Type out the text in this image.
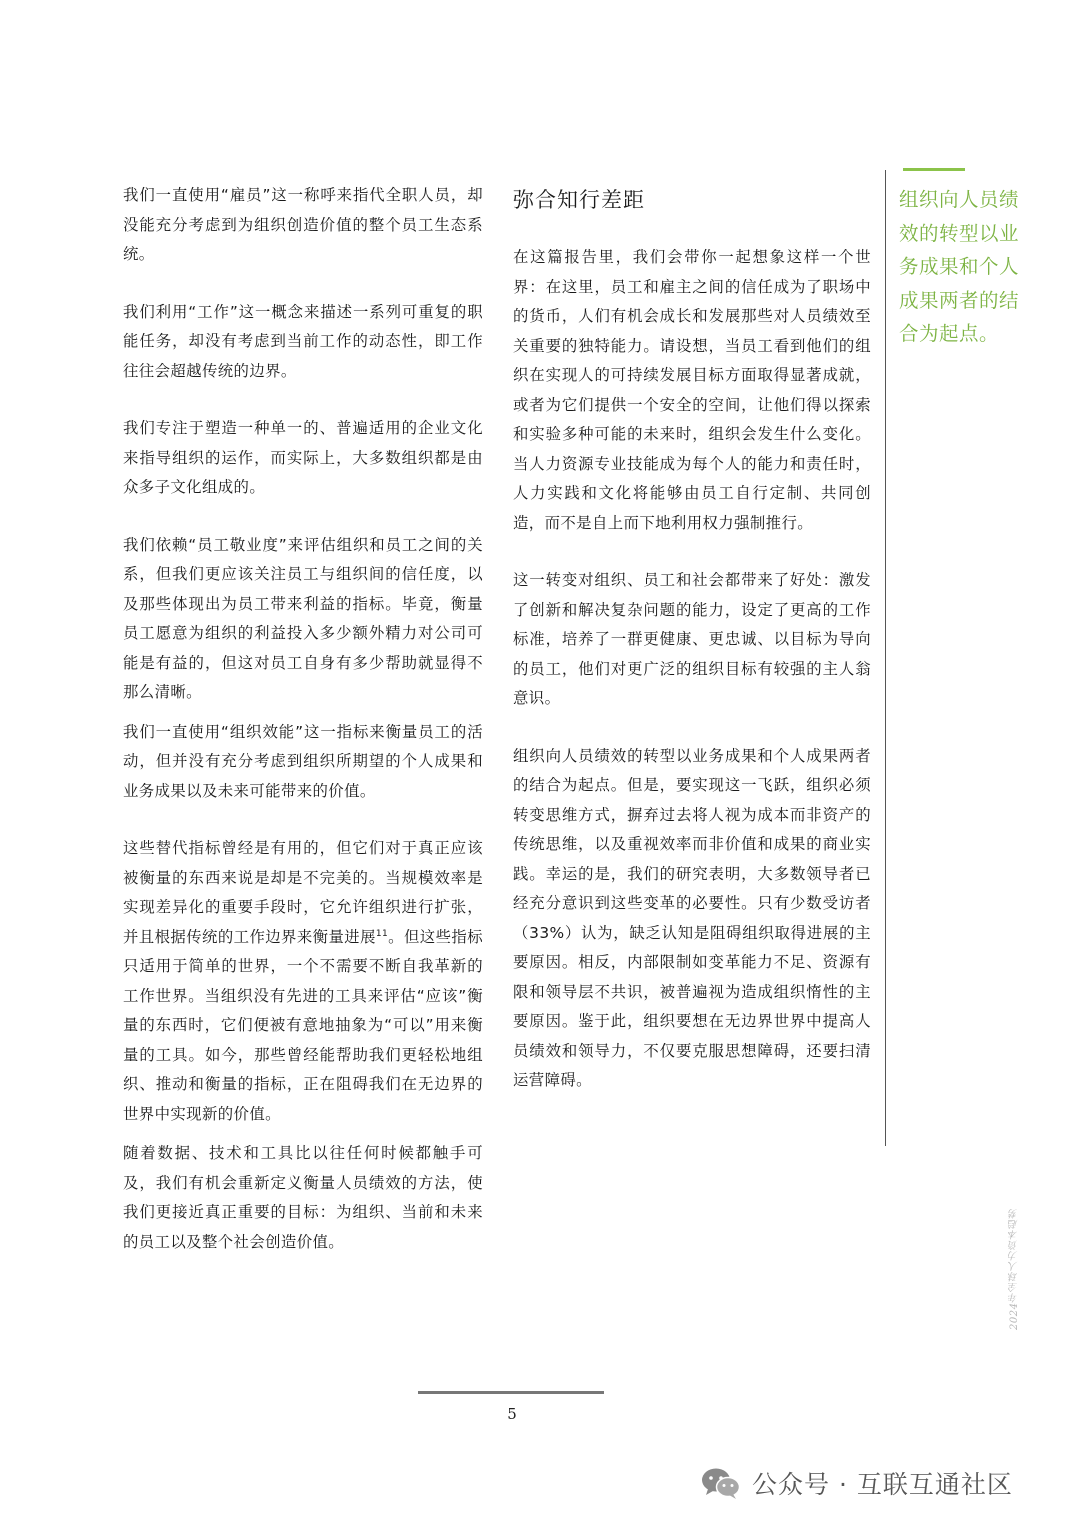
我们一直使用“雇员”这一称呼来指代全职人员，却没能充分考虑到为组织创造价值的整个员工生态系统。

我们利用“工作”这一概念来描述一系列可重复的职能任务，却没有考虑到当前工作的动态性，即工作往往会超越传统的边界。

我们专注于塑造一种单一的、普遍适用的企业文化来指导组织的运作，而实际上，大多数组织都是由众多子文化组成的。

我们依赖“员工敬业度”来评估组织和员工之间的关系，但我们更应该关注员工与组织间的信任度，以及那些体现出为员工带来利益的指标。毕竟，衡量员工愿意为组织的利益投入多少额外精力对公司可能是有益的，但这对员工自身有多少帮助就显得不那么清晰。

我们一直使用“组织效能”这一指标来衡量员工的活动，但并没有充分考虑到组织所期望的个人成果和业务成果以及未来可能带来的价值。

这些替代指标曾经是有用的，但它们对于真正应该被衡量的东西来说是却是不完美的。当规模效率是实现差异化的重要手段时，它允许组织进行扩张，并且根据传统的工作边界来衡量进展$^{11}$。但这些指标只适用于简单的世界，一个不需要不断自我革新的工作世界。当组织没有先进的工具来评估“应该”衡量的东西时，它们便被有意地抽象为“可以”用来衡量的工具。如今，那些曾经能帮助我们更轻松地组织、推动和衡量的指标，正在阻碍我们在无边界的世界中实现新的价值。

随着数据、技术和工具比以往任何时候都触手可及，我们有机会重新定义衡量人员绩效的方法，使我们更接近真正重要的目标：为组织、当前和未来的员工以及整个社会创造价值。

弥合知行差距

在这篇报告里，我们会带你一起想象这样一个世界：在这里，员工和雇主之间的信任成为了职场中的货币，人们有机会成长和发展那些对人员绩效至关重要的独特能力。请设想，当员工看到他们的组织在实现人的可持续发展目标方面取得显著成就，或者为它们提供一个安全的空间，让他们得以探索和实验多种可能的未来时，组织会发生什么变化。当人力资源专业技能成为每个人的能力和责任时，人力实践和文化将能够由员工自行定制、共同创造，而不是自上而下地利用权力强制推行。

这一转变对组织、员工和社会都带来了好处：激发了创新和解决复杂问题的能力，设定了更高的工作标准，培养了一群更健康、更忠诚、以目标为导向的员工，他们对更广泛的组织目标有较强的主人翁意识。

组织向人员绩效的转型以业务成果和个人成果两者的结合为起点。但是，要实现这一飞跃，组织必须转变思维方式，摒弃过去将人视为成本而非资产的传统思维，以及重视效率而非价值和成果的商业实践。幸运的是，我们的研究表明，大多数领导者已经充分意识到这些变革的必要性。只有少数受访者（33%）认为，缺乏认知是阻碍组织取得进展的主要原因。相反，内部限制如变革能力不足、资源有限和领导层不共识，被普遍视为造成组织惰性的主要原因。鉴于此，组织要想在无边界世界中提高人员绩效和领导力，不仅要克服思想障碍，还要扫清运营障碍。

组织向人员绩效的转型以业务成果和个人成果两者的结合为起点。

2024年全球人力资本趋势
5
公众号 · 互联互通社区
